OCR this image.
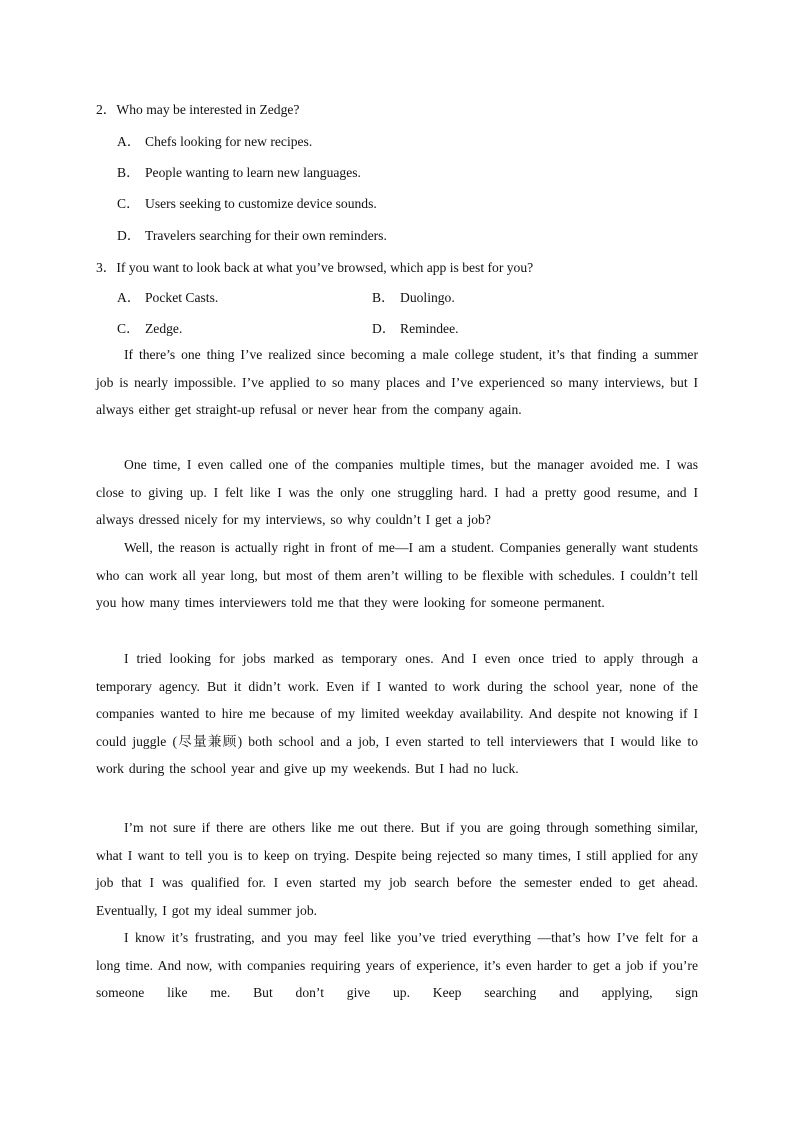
2．Who may be interested in Zedge?
A． Chefs looking for new recipes.
B． People wanting to learn new languages.
C． Users seeking to customize device sounds.
D． Travelers searching for their own reminders.
3．If you want to look back at what you’ve browsed, which app is best for you?
A． Pocket Casts.	B． Duolingo.
C． Zedge.	D． Remindee.

If there’s one thing I’ve realized since becoming a male college student, it’s that finding a summer job is nearly impossible. I’ve applied to so many places and I’ve experienced so many interviews, but I always either get straight-up refusal or never hear from the company again.

One time, I even called one of the companies multiple times, but the manager avoided me. I was close to giving up. I felt like I was the only one struggling hard. I had a pretty good resume, and I always dressed nicely for my interviews, so why couldn’t I get a job?

Well, the reason is actually right in front of me—I am a student. Companies generally want students who can work all year long, but most of them aren’t willing to be flexible with schedules. I couldn’t tell you how many times interviewers told me that they were looking for someone permanent.

I tried looking for jobs marked as temporary ones. And I even once tried to apply through a temporary agency. But it didn’t work. Even if I wanted to work during the school year, none of the companies wanted to hire me because of my limited weekday availability. And despite not knowing if I could juggle (尽量兼顾) both school and a job, I even started to tell interviewers that I would like to work during the school year and give up my weekends. But I had no luck.

I’m not sure if there are others like me out there. But if you are going through something similar, what I want to tell you is to keep on trying. Despite being rejected so many times, I still applied for any job that I was qualified for. I even started my job search before the semester ended to get ahead. Eventually, I got my ideal summer job.

I know it’s frustrating, and you may feel like you’ve tried everything —that’s how I’ve felt for a long time. And now, with companies requiring years of experience, it’s even harder to get a job if you’re someone like me. But don’t give up. Keep searching and applying, sign
